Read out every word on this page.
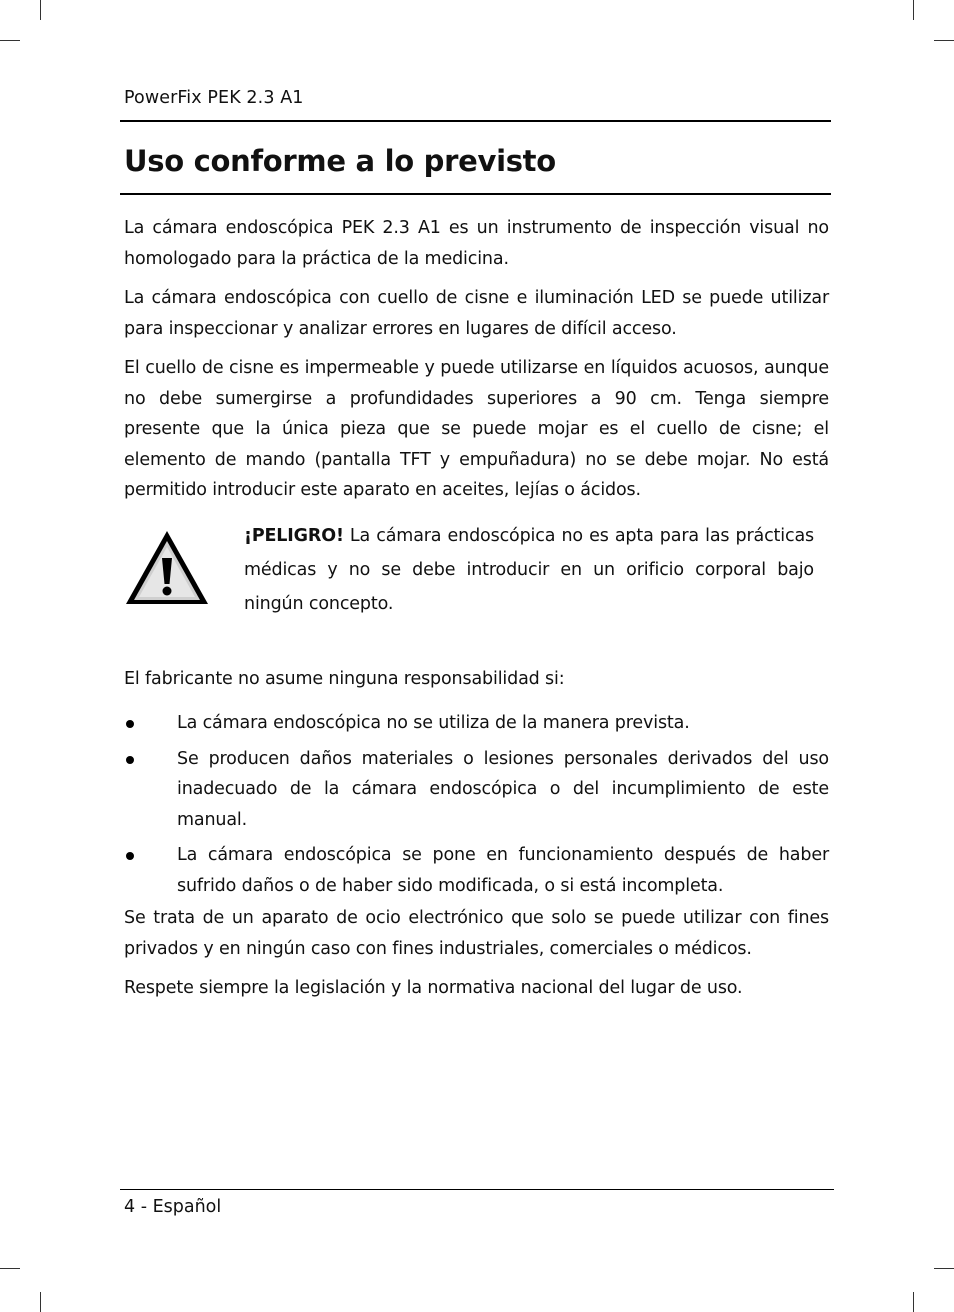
PowerFix PEK 2.3 A1
Uso conforme a lo previsto

La cámara endoscópica PEK 2.3 A1 es un instrumento de inspección visual no homologado para la práctica de la medicina.

La cámara endoscópica con cuello de cisne e iluminación LED se puede utilizar para inspeccionar y analizar errores en lugares de difícil acceso.

El cuello de cisne es impermeable y puede utilizarse en líquidos acuosos, aunque no debe sumergirse a profundidades superiores a 90 cm. Tenga siempre presente que la única pieza que se puede mojar es el cuello de cisne; el elemento de mando (pantalla TFT y empuñadura) no se debe mojar. No está permitido introducir este aparato en aceites, lejías o ácidos.

¡PELIGRO! La cámara endoscópica no es apta para las prácticas médicas y no se debe introducir en un orificio corporal bajo ningún concepto.

El fabricante no asume ninguna responsabilidad si:

La cámara endoscópica no se utiliza de la manera prevista.
Se producen daños materiales o lesiones personales derivados del uso inadecuado de la cámara endoscópica o del incumplimiento de este manual.
La cámara endoscópica se pone en funcionamiento después de haber sufrido daños o de haber sido modificada, o si está incompleta.

Se trata de un aparato de ocio electrónico que solo se puede utilizar con fines privados y en ningún caso con fines industriales, comerciales o médicos.

Respete siempre la legislación y la normativa nacional del lugar de uso.

4 - Español
